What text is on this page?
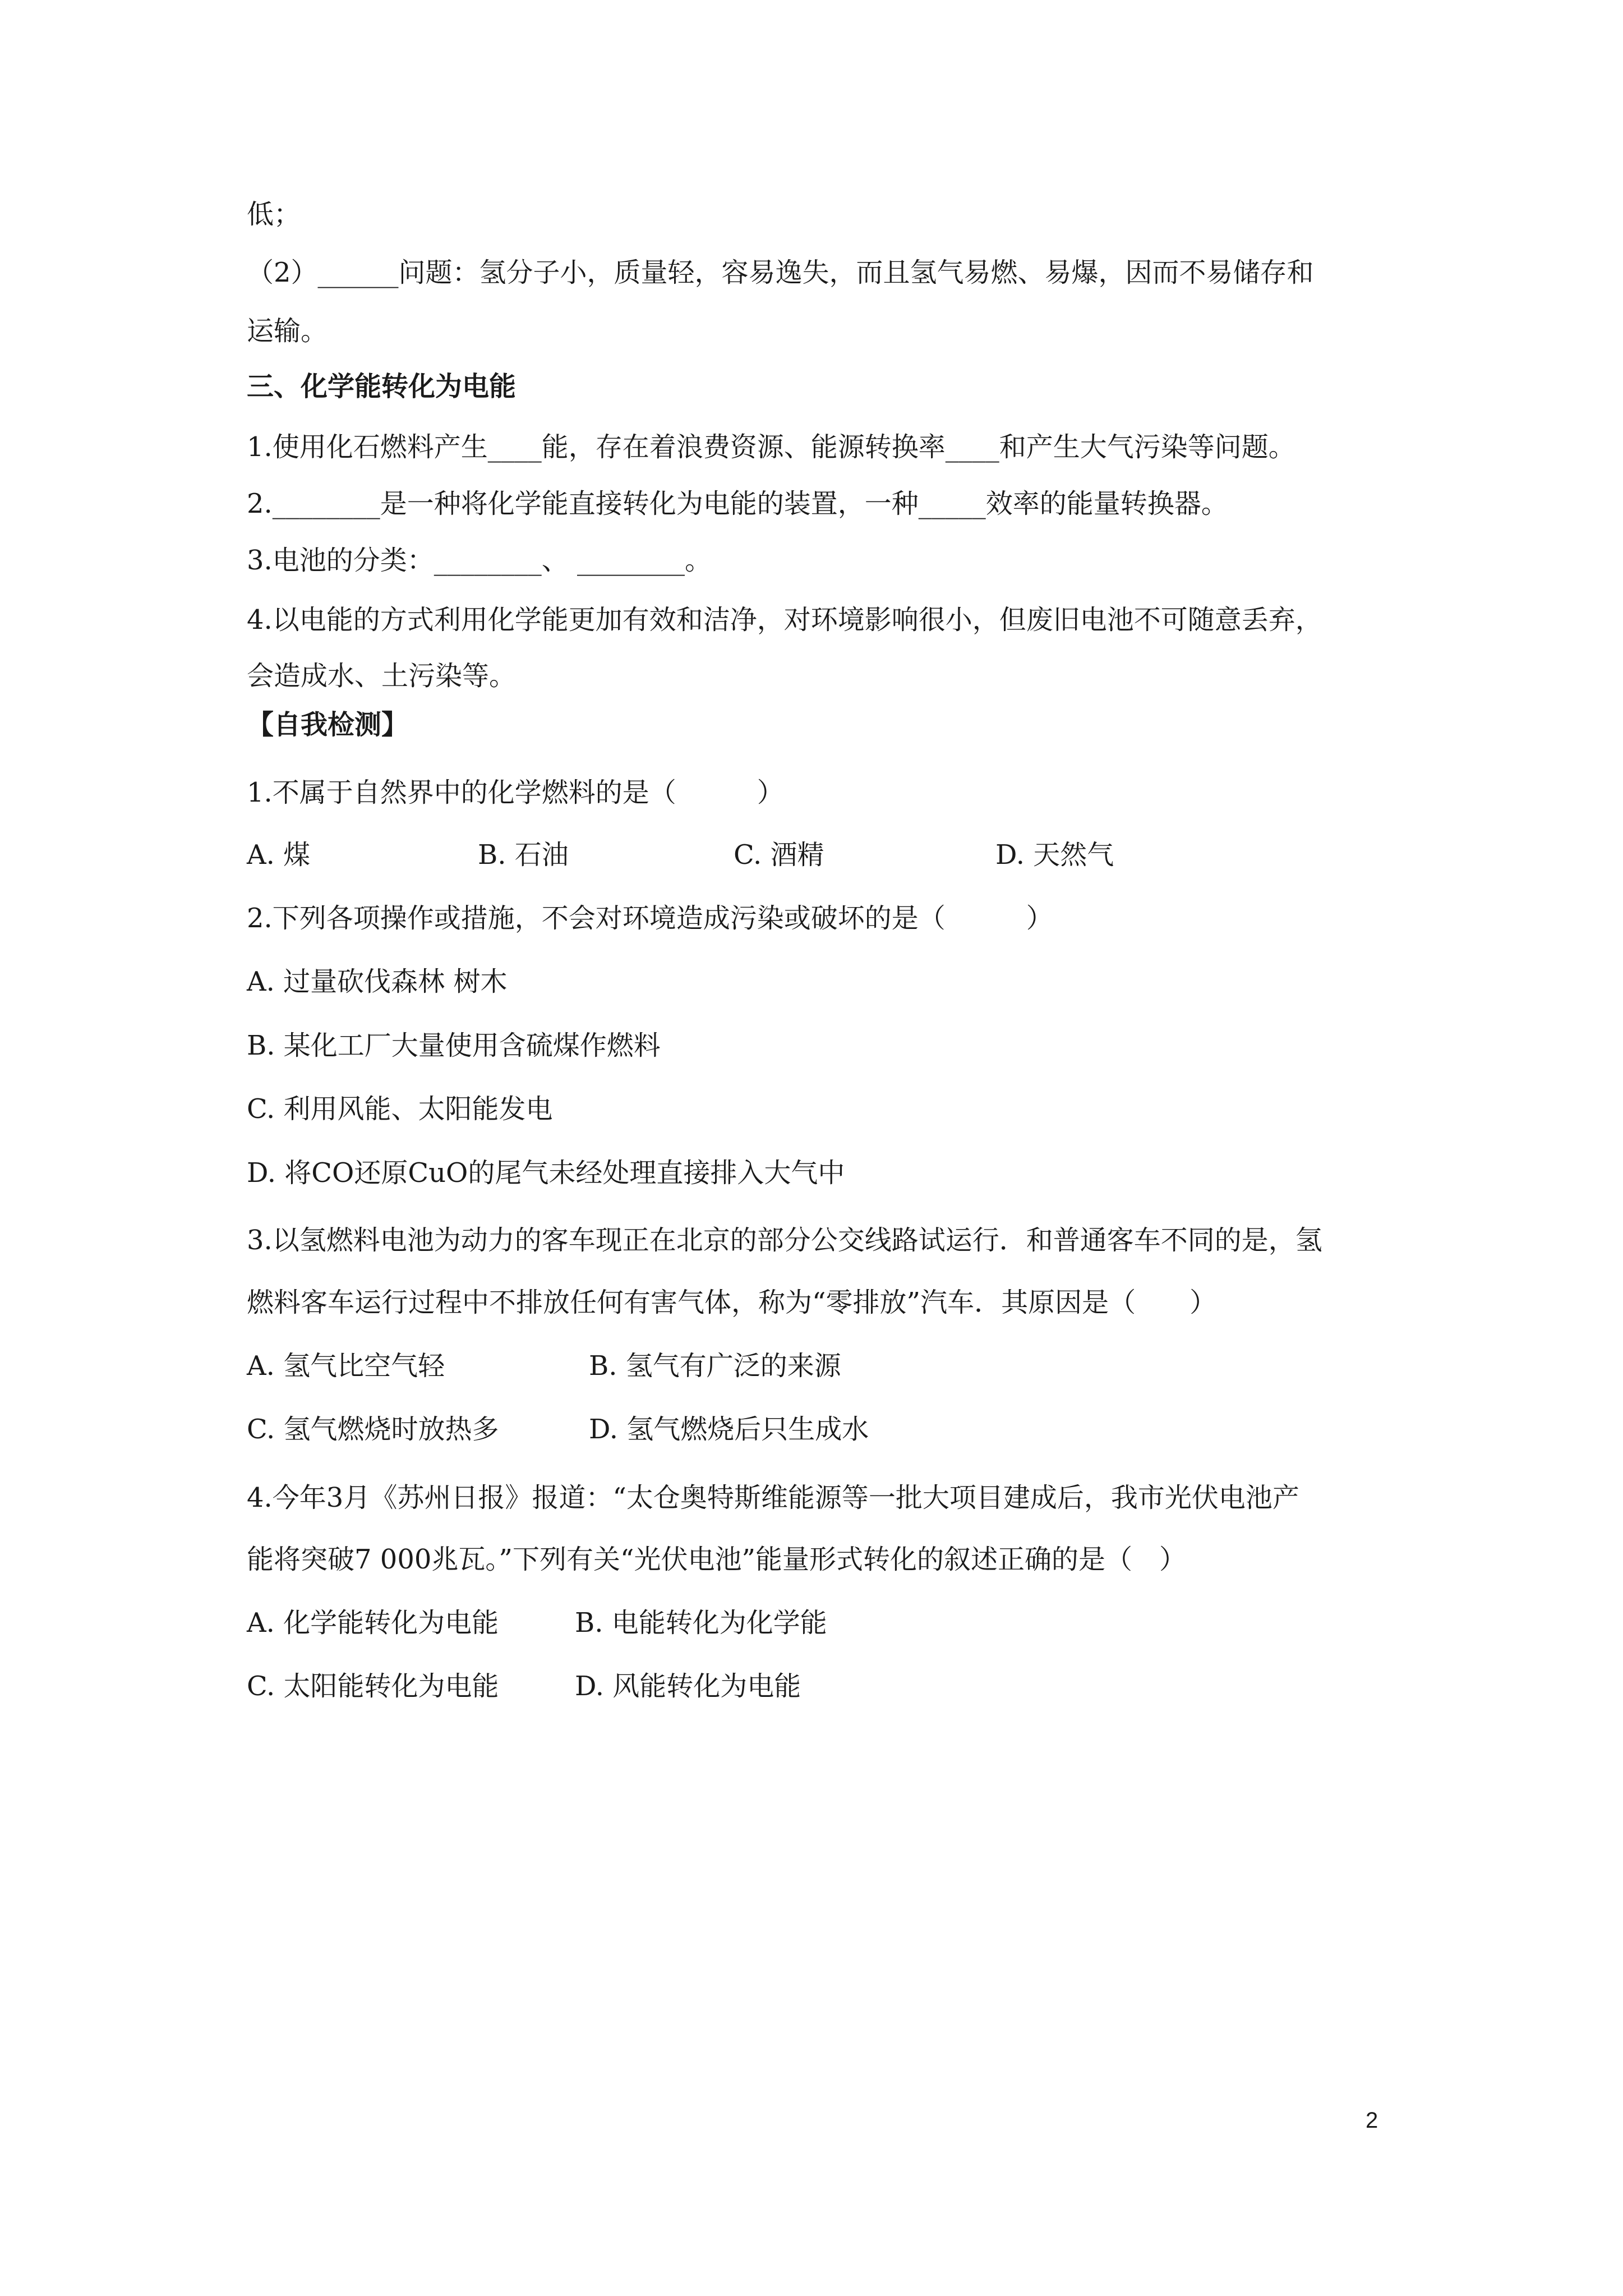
低；
（2）______问题：氢分子小，质量轻，容易逸失，而且氢气易燃、易爆，因而不易储存和
运输。
三、化学能转化为电能
1.使用化石燃料产生____能，存在着浪费资源、能源转换率____和产生大气污染等问题。
2.________是一种将化学能直接转化为电能的装置，一种_____效率的能量转换器。
3.电池的分类：________、 ________。
4.以电能的方式利用化学能更加有效和洁净，对环境影响很小，但废旧电池不可随意丢弃，
会造成水、土污染等。
【自我检测】
1.不属于自然界中的化学燃料的是（　　　）
A. 煤	B. 石油	C. 酒精	D. 天然气
2.下列各项操作或措施，不会对环境造成污染或破坏的是（　　　）
A. 过量砍伐森林 树木
B. 某化工厂大量使用含硫煤作燃料
C. 利用风能、太阳能发电
D. 将CO还原CuO的尾气未经处理直接排入大气中
3.以氢燃料电池为动力的客车现正在北京的部分公交线路试运行．和普通客车不同的是，氢
燃料客车运行过程中不排放任何有害气体，称为“零排放”汽车．其原因是（　　）
A. 氢气比空气轻	B. 氢气有广泛的来源
C. 氢气燃烧时放热多	D. 氢气燃烧后只生成水
4.今年3月《苏州日报》报道：“太仓奥特斯维能源等一批大项目建成后，我市光伏电池产
能将突破7 000兆瓦。”下列有关“光伏电池”能量形式转化的叙述正确的是（　）
A. 化学能转化为电能	B. 电能转化为化学能
C. 太阳能转化为电能	D. 风能转化为电能
2
